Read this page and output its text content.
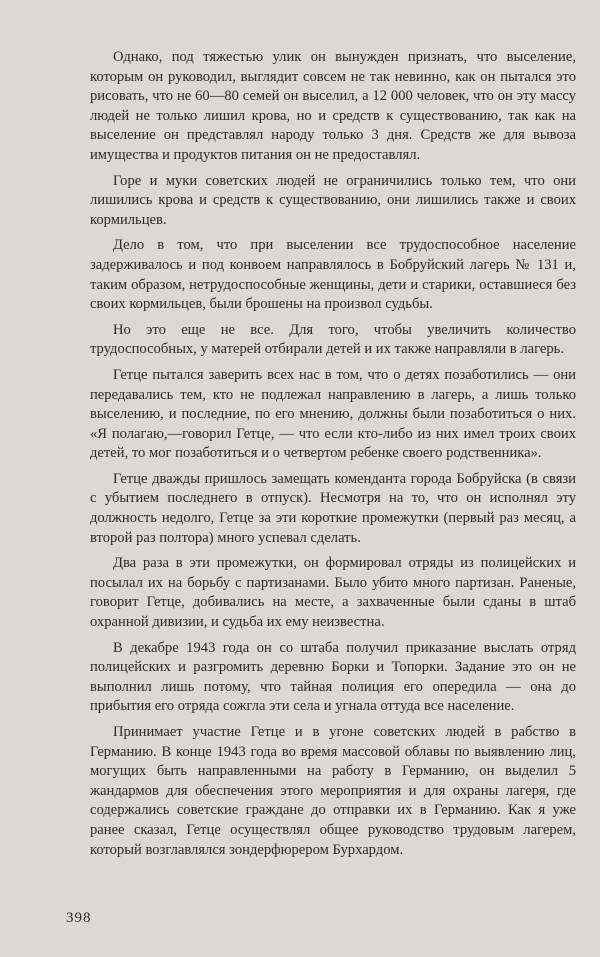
Однако, под тяжестью улик он вынужден признать, что выселение, которым он руководил, выглядит совсем не так невинно, как он пытался это рисовать, что не 60—80 семей он выселил, а 12 000 человек, что он эту массу людей не только лишил крова, но и средств к существованию, так как на выселение он представлял народу только 3 дня. Средств же для вывоза имущества и продуктов питания он не предоставлял.

Горе и муки советских людей не ограничились только тем, что они лишились крова и средств к существованию, они лишились также и своих кормильцев.

Дело в том, что при выселении все трудоспособное население задерживалось и под конвоем направлялось в Бобруйский лагерь № 131 и, таким образом, нетрудоспособные женщины, дети и старики, оставшиеся без своих кормильцев, были брошены на произвол судьбы.

Но это еще не все. Для того, чтобы увеличить количество трудоспособных, у матерей отбирали детей и их также направляли в лагерь.

Гетце пытался заверить всех нас в том, что о детях позаботились — они передавались тем, кто не подлежал направлению в лагерь, а лишь только выселению, и последние, по его мнению, должны были позаботиться о них. «Я полагаю,—говорил Гетце, — что если кто-либо из них имел троих своих детей, то мог позаботиться и о четвертом ребенке своего родственника».

Гетце дважды пришлось замещать коменданта города Бобруйска (в связи с убытием последнего в отпуск). Несмотря на то, что он исполнял эту должность недолго, Гетце за эти короткие промежутки (первый раз месяц, а второй раз полтора) много успевал сделать.

Два раза в эти промежутки, он формировал отряды из полицейских и посылал их на борьбу с партизанами. Было убито много партизан. Раненые, говорит Гетце, добивались на месте, а захваченные были сданы в штаб охранной дивизии, и судьба их ему неизвестна.

В декабре 1943 года он со штаба получил приказание выслать отряд полицейских и разгромить деревню Борки и Топорки. Задание это он не выполнил лишь потому, что тайная полиция его опередила — она до прибытия его отряда сожгла эти села и угнала оттуда все население.

Принимает участие Гетце и в угоне советских людей в рабство в Германию. В конце 1943 года во время массовой облавы по выявлению лиц, могущих быть направленными на работу в Германию, он выделил 5 жандармов для обеспечения этого мероприятия и для охраны лагеря, где содержались советские граждане до отправки их в Германию. Как я уже ранее сказал, Гетце осуществлял общее руководство трудовым лагерем, который возглавлялся зондерфюрером Бурхардом.

398
